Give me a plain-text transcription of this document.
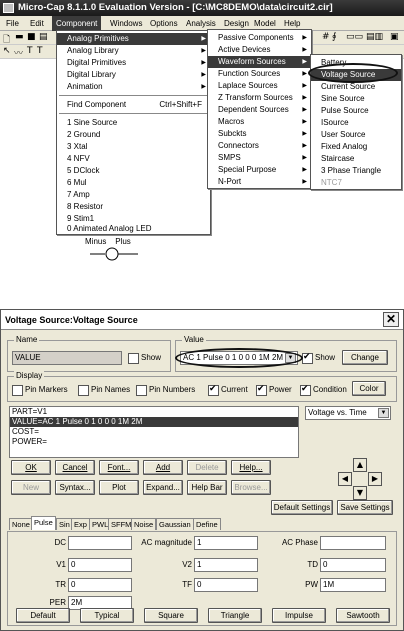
Micro-Cap 8.1.1.0 Evaluation Version - [C:\MC8DEMO\data\circuit2.cir]
File	Edit	Component	Windows Options	Analysis	Design Model	Help
🗋 ▬ ■ ▤	# ∮ ▭▭ ▤▥ ▣
↖ 〰 T T
Analog Primitives	▶
Analog Library	▶
Digital Primitives	▶
Digital Library	▶
Animation	▶
Find Component	Ctrl+Shift+F
1 Sine Source
2 Ground
3 Xtal
4 NFV
5 DClock
6 Mul
7 Amp
8 Resistor
9 Stim1
0 Animated Analog LED
Passive Components ▶
Active Devices	▶
Waveform Sources	▶
Function Sources	▶
Laplace Sources	▶
Z Transform Sources ▶
Dependent Sources ▶
Macros	▶
Subckts	▶
Connectors	▶
SMPS	▶
Special Purpose	▶
N-Port	▶
Battery
Voltage Source
Current Source
Sine Source
Pulse Source
ISource
User Source
Fixed Analog
Staircase
3 Phase Triangle
NTC7
Minus    Plus
Voltage Source:Voltage Source	✕
Name
VALUE	Show
Value
AC 1 Pulse 0 1 0 0 0 1M 2M ▼	Show ✔	Change
Display
Pin Markers	Pin Names	Pin Numbers	Current ✔	Power ✔	Condition ✔	Color
PART=V1
VALUE=AC 1 Pulse 0 1 0 0 0 1M 2M
COST=
POWER=
Voltage vs. Time	▼
OK	Cancel	Font...	Add	Delete	Help...
New	Syntax...	Plot	Expand...	Help Bar	Browse...
▲
◀	▶
▼
Default Settings	Save Settings
None Pulse Sin Exp PWL SFFM Noise Gaussian Define
DC	AC magnitude 1	AC Phase
V1 0	V2 1	TD 0
TR 0	TF 0	PW 1M
PER 2M
Default	Typical	Square	Triangle	Impulse	Sawtooth
